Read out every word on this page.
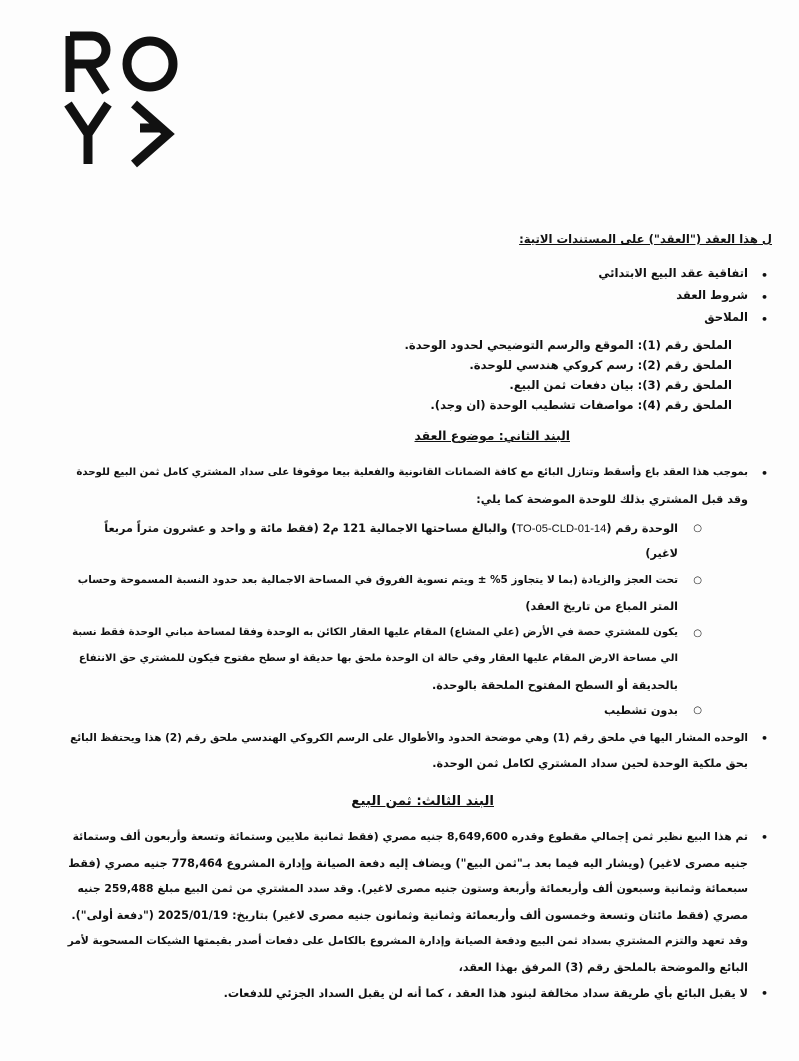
ل هذا العقد ("العقد") على المستندات الاتية:
•
اتفاقية عقد البيع الابتدائي
•
شروط العقد
•
الملاحق
الملحق رقم (1): الموقع والرسم التوضيحي لحدود الوحدة.
الملحق رقم (2): رسم كروكي هندسي للوحدة.
الملحق رقم (3): بيان دفعات ثمن البيع.
الملحق رقم (4): مواصفات تشطيب الوحدة (ان وجد).
البند الثاني: موضوع العقد
•
بموجب هذا العقد باع وأسقط وتنازل البائع مع كافة الضمانات القانونية والفعلية بيعا موقوفا على سداد المشتري كامل ثمن البيع للوحدة
وقد قبل المشتري بذلك للوحدة الموضحة كما يلي:
○
الوحدة رقم (TO-05-CLD-01-14) والبالغ مساحتها الاجمالية 121 م2 (فقط مائة و واحد و عشرون متراً مربعاً
لاغير)
○
تحت العجز والزيادة (بما لا يتجاوز 5% ± ويتم تسوية الفروق في المساحة الاجمالية بعد حدود النسبة المسموحة وحساب
المتر المباع من تاريخ العقد)
○
يكون للمشتري حصة في الأرض (علي المشاع) المقام عليها العقار الكائن به الوحدة وفقا لمساحة مباني الوحدة فقط نسبة
الي مساحة الارض المقام عليها العقار وفي حالة ان الوحدة ملحق بها حديقة او سطح مفتوح فيكون للمشتري حق الانتفاع
بالحديقة أو السطح المفتوح الملحقة بالوحدة.
○
بدون تشطيب
•
الوحده المشار اليها في ملحق رقم (1) وهي موضحة الحدود والأطوال على الرسم الكروكي الهندسي ملحق رقم (2) هذا ويحتفظ البائع
بحق ملكية الوحدة لحين سداد المشتري لكامل ثمن الوحدة.
البند الثالث: ثمن البيع
•
تم هذا البيع نظير ثمن إجمالي مقطوع وقدره 8,649,600 جنيه مصري (فقط ثمانية ملايين وستمائة وتسعة وأربعون ألف وستمائة
جنيه مصرى لاغير) (ويشار اليه فيما بعد بـ"ثمن البيع") ويضاف إليه دفعة الصيانة وإدارة المشروع 778,464 جنيه مصري (فقط
سبعمائة وثمانية وسبعون ألف وأربعمائة وأربعة وستون جنيه مصرى لاغير). وقد سدد المشتري من ثمن البيع مبلغ 259,488 جنيه
مصري (فقط مائتان وتسعة وخمسون ألف وأربعمائة وثمانية وثمانون جنيه مصرى لاغير) بتاريخ: 2025/01/19 ("دفعة أولى").
وقد تعهد والتزم المشتري بسداد ثمن البيع ودفعة الصيانة وإدارة المشروع بالكامل على دفعات أصدر بقيمتها الشيكات المسحوبة لأمر
البائع والموضحة بالملحق رقم (3) المرفق بهذا العقد،
•
لا يقبل البائع بأي طريقة سداد مخالفة لبنود هذا العقد ، كما أنه لن يقبل السداد الجزئي للدفعات.
